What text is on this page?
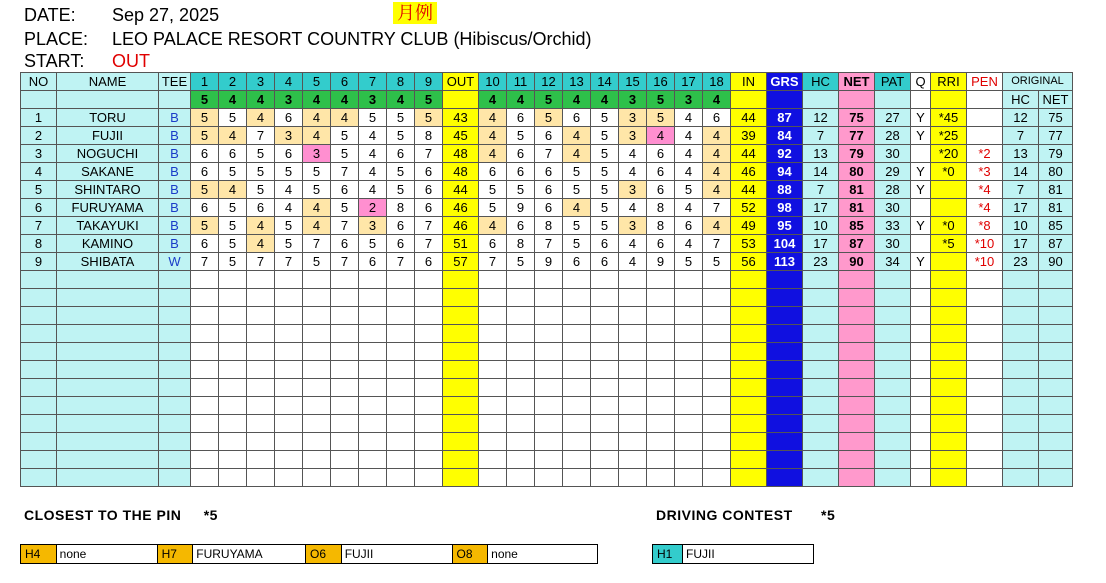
DATE: Sep 27, 2025	月例
PLACE: LEO PALACE RESORT COUNTRY CLUB (Hibiscus/Orchid)
START: OUT
NO	NAME	TEE	1	2	3	4	5	6	7	8	9	OUT	10	11	12	13	14	15	16	17	18	IN	GRS	HC	NET	PAT	Q	RRI	PEN	ORIGINAL	
			5	4	4	3	4	4	3	4	5		4	4	5	4	4	3	5	3	4									HC	NET
1	TORU	B	5	5	4	6	4	4	5	5	5	43	4	6	5	6	5	3	5	4	6	44	87	12	75	27	Y	*45		12	75
2	FUJII	B	5	4	7	3	4	5	4	5	8	45	4	5	6	4	5	3	4	4	4	39	84	7	77	28	Y	*25		7	77
3	NOGUCHI	B	6	6	5	6	3	5	4	6	7	48	4	6	7	4	5	4	6	4	4	44	92	13	79	30		*20	*2	13	79
4	SAKANE	B	6	5	5	5	5	7	4	5	6	48	6	6	6	5	5	4	6	4	4	46	94	14	80	29	Y	*0	*3	14	80
5	SHINTARO	B	5	4	5	4	5	6	4	5	6	44	5	5	6	5	5	3	6	5	4	44	88	7	81	28	Y		*4	7	81
6	FURUYAMA	B	6	5	6	4	4	5	2	8	6	46	5	9	6	4	5	4	8	4	7	52	98	17	81	30			*4	17	81
7	TAKAYUKI	B	5	5	4	5	4	7	3	6	7	46	4	6	8	5	5	3	8	6	4	49	95	10	85	33	Y	*0	*8	10	85
8	KAMINO	B	6	5	4	5	7	6	5	6	7	51	6	8	7	5	6	4	6	4	7	53	104	17	87	30		*5	*10	17	87
9	SHIBATA	W	7	5	7	7	5	7	6	7	6	57	7	5	9	6	6	4	9	5	5	56	113	23	90	34	Y		*10	23	90

CLOSEST TO THE PIN *5
H4	none	H7	FURUYAMA	O6	FUJII	O8	none
DRIVING CONTEST *5
H1	FUJII
